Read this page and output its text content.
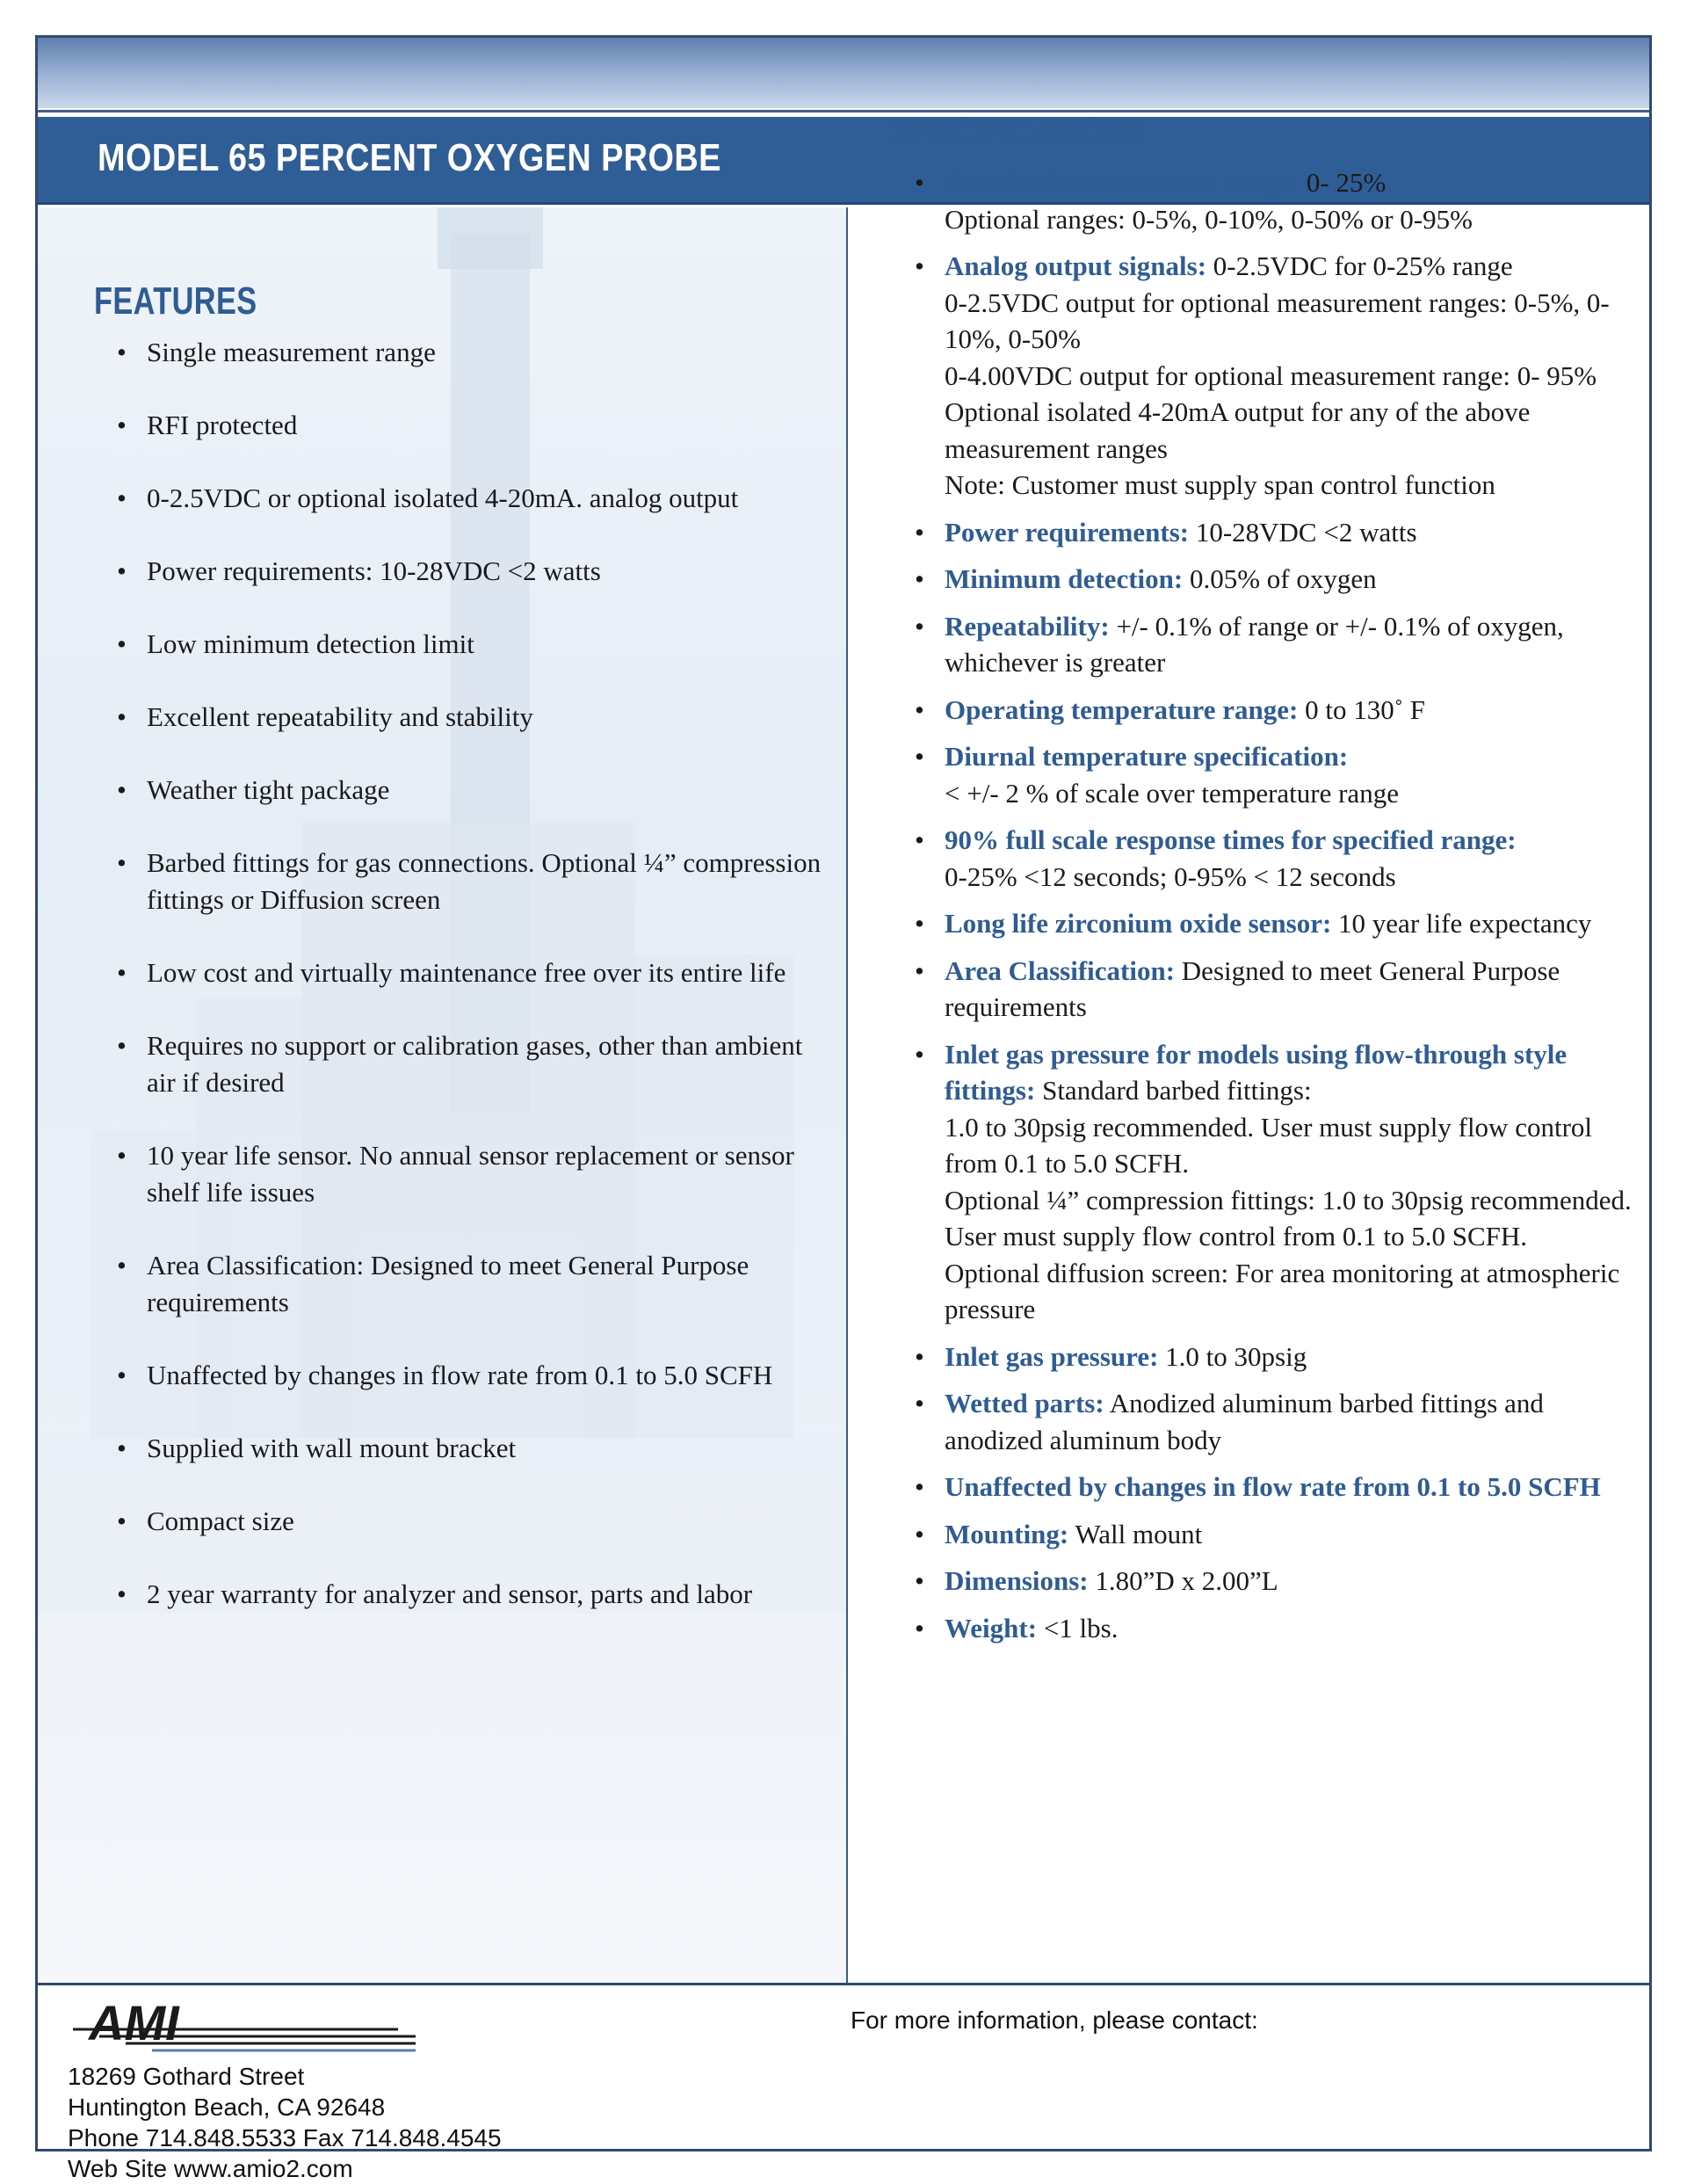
MODEL 65 PERCENT OXYGEN PROBE
FEATURES
• Single measurement range
• RFI protected
• 0-2.5VDC or optional isolated 4-20mA. analog output
• Power requirements: 10-28VDC <2 watts
• Low minimum detection limit
• Excellent repeatability and stability
• Weather tight package
• Barbed fittings for gas connections. Optional ¼” compression fittings or Diffusion screen
• Low cost and virtually maintenance free over its entire life
• Requires no support or calibration gases, other than ambient air if desired
• 10 year life sensor. No annual sensor replacement or sensor shelf life issues
• Area Classification: Designed to meet General Purpose requirements
• Unaffected by changes in flow rate from 0.1 to 5.0 SCFH
• Supplied with wall mount bracket
• Compact size
• 2 year warranty for analyzer and sensor, parts and labor
SPECIFICATIONS
• Standard measurement range: 0- 25%
Optional ranges: 0-5%, 0-10%, 0-50% or 0-95%
• Analog output signals: 0-2.5VDC for 0-25% range
0-2.5VDC output for optional measurement ranges: 0-5%, 0-10%, 0-50%
0-4.00VDC output for optional measurement range: 0- 95%
Optional isolated 4-20mA output for any of the above measurement ranges
Note: Customer must supply span control function
• Power requirements: 10-28VDC <2 watts
• Minimum detection: 0.05% of oxygen
• Repeatability: +/- 0.1% of range or +/- 0.1% of oxygen, whichever is greater
• Operating temperature range: 0 to 130˚ F
• Diurnal temperature specification:
< +/- 2 % of scale over temperature range
• 90% full scale response times for specified range:
0-25% <12 seconds; 0-95% < 12 seconds
• Long life zirconium oxide sensor: 10 year life expectancy
• Area Classification: Designed to meet General Purpose requirements
• Inlet gas pressure for models using flow-through style fittings: Standard barbed fittings:
1.0 to 30psig recommended. User must supply flow control from 0.1 to 5.0 SCFH.
Optional ¼” compression fittings: 1.0 to 30psig recommended. User must supply flow control from 0.1 to 5.0 SCFH.
Optional diffusion screen: For area monitoring at atmospheric pressure
• Inlet gas pressure: 1.0 to 30psig
• Wetted parts: Anodized aluminum barbed fittings and anodized aluminum body
• Unaffected by changes in flow rate from 0.1 to 5.0 SCFH
• Mounting: Wall mount
• Dimensions: 1.80”D x 2.00”L
• Weight: <1 lbs.
AMI
18269 Gothard Street
Huntington Beach, CA 92648
Phone 714.848.5533 Fax 714.848.4545
Web Site www.amio2.com
For more information, please contact:
